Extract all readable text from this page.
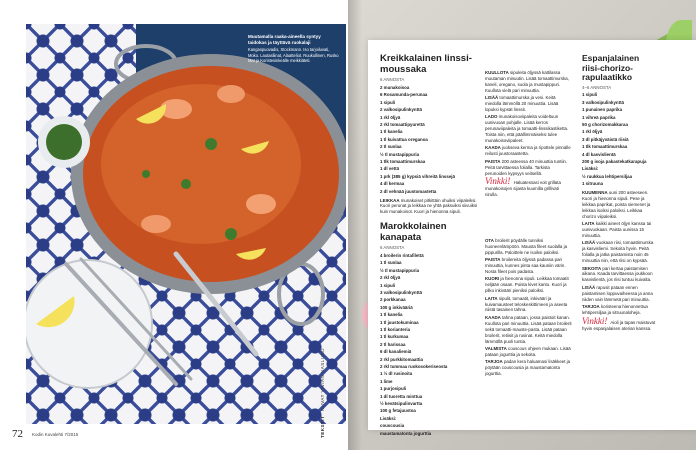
Muutamalla raaka-aineella syntyy taidokas ja täyttävä ruokalaji
Kangaspuovadis, Stockmann. Iso tarjoiluvati, Moko. Lautasliinat, Alaatteliot. Ruukullinen, Rusko Mat ja Koristesinkeälle meikkiäteti.
TEKSTIT KUVAT VIVIAN NASLUND
72 Kodin Kuvalehti 7/2015
Kreikkalainen linssi-moussaka
6 ANNOSTA

2 munakoisoa

6 Rosamunda-perunaa

1 sipuli

2 valkosipulinkynttä

1 rkl öljyä

2 rkl tomaattipyurettä

1 tl kanelia

1 tl kuivattua oreganoa

2 tl suolaa

½ tl mustapippuria

1 tlk tomaattimurskaa

1 dl vettä

1 prk (385 g) kypsiä vihreitä linssejä

4 dl kermaa

2 dl vehnää juustomastetta

LEIKKAA munakoiset pitkittäin ohuiksi viipaleiksi. Kuori perunat ja leikkaa ne yhtä paksuiksi siivuiksi kuin munakoisot. Kuori ja hienonna sipuli.

KUULLOTA sipuleita öljyssä kattilassa muutaman minuutin. Lisää tomaattimurska, kaneli, oregano, suola ja mustapippuri. Kuullota vielä pari minuuttia.

LISÄÄ tomaattimurska ja vesi. Keitä miedolla lämmöllä 20 minuuttia. Lisää lopuksi kypsät linssit.

LADO munakoisoviipaleita voideltuun uunivuoan pohjalle. Lisää kerros perunaviipaleita ja tomaatti-linssikastiketta. Toista niin, että päällimmäiseksi tulee munakoisoviipaleet.

KAADA juokseva kerma ja ripottele pinnalle reilusti juustoraastetta.

PAISTA 200 asteessa 40 minuuttia tuntiin. Peitä tarvittaessa folialla. Tarkista perunoiden kypsyys veitsellä.

Vinkki! Haluatessasi voit grillata munakoisojen sijasta kuumilla grillivati nirulla.

Marokkolainen kanapata
6 ANNOSTA

4 broilerin rintafilettä

1 tl suolaa

½ tl mustapippuria

2 rkl öljyä

1 sipuli

3 valkosipulinkynttä

2 porkkanaa

100 g inkivääriä

1 tl kanelia

1 tl juustokuminaa

1 tl korianteria

1 tl kurkumaa

2 tl harissaa

6 dl kanaliemiä

2 rkl purkkitomaattia

2 rkl tummaa ruokosokeriseosta

1 ½ dl rusinoita

1 lime

1 purjosipuli

1 dl tuoretta minttua

½ kevätsipulinvartta

100 g fetajuustoa

Lisäksi:

couscousia

maustamatonta jogurttia

OTA broilerit pöydälle tunniksi huoneenlämpöön. Mausta fileet suolalla ja pippurilla. Paloittele ne isoiksi paloiksi.

PAISTA broilereita öljyssä padassa pari minuuttia, kunnes pinta saa kauniin värin. Nosta fileet pois padasta.

KUORI ja hienonna sipuli. Leikkaa tomaatit neljään osaan. Poista kivet kanto. Kuori ja pilko inkivääri pieniksi paloiksi.

LAITA sipulit, tomaatit, inkivääri ja kuivamausteet teloskeskittimeen ja aseeta niistä tasainen tahna.

KAADA tahna pataan, jossa paistoit kanan. Kuullota pari minuuttia. Lisää pataan broilerit sekä tomaatti-mauste-pasta. Lisää pataan broilerit, retiisit ja rusinat. Keitä miedolla lämmöllä puoli tuntia.

VALMISTA couscous ohjeen mukaan. Lisää pataan jogurttia ja sekoita.

TARJOA padan kera haluamasi lisäkkeet ja pöytään couscousia ja maustamatonta jogurttia.

Espanjalainen riisi-chorizo-rapulaatikko
4–6 ANNOSTA

1 sipuli

3 valkosipulinkynttä

1 punainen paprika

1 vihreä paprika

50 g chorizomakkaraa

1 rkl öljyä

3 dl pitkäjyväistä riisiä

1 tlk tomaattimurskaa

4 dl kasvislientä

200 g isoja pakastekatkarapuja

Lisäksi:

½ ruukkua lehtipersiljaa

1 sitruuna

KUUMENNA uuni 200 asteeseen. Kuori ja hienonna sipuli. Pese ja leikkaa paprikat, poista siemenet ja leikkaa isoiksi paloiksi. Leikkaa chorizo viipaleiksi.

LAITA kaikki aineet öljyn kanssa tai uunivuokaan. Paista uunissa 15 minuuttia.

LISÄÄ vuokaan riisi, tomaattimurska ja kasvisliemi. Sekoita hyvin. Peitä folialla ja jatka paistamista noin 45 minuuttia niin, että riisi on kypsää.

SEKOITA pari kertaa paistamisen aikana. Kaada tarvittaessa joukkoon kasvislientä, jos riisi tuntuu kuivalta.

LISÄÄ rapusit pataan ennen paistamisen loppuvaiheessa ja anna niiden vain lämmetä pari minuuttia.

TARJOA koristeena hienonnettua lehtipersiljaa ja sitruunaloheja.

Vinkki! Aioli ja tapas maistuvat hyvin espanjalaisen aterian kanssa.
